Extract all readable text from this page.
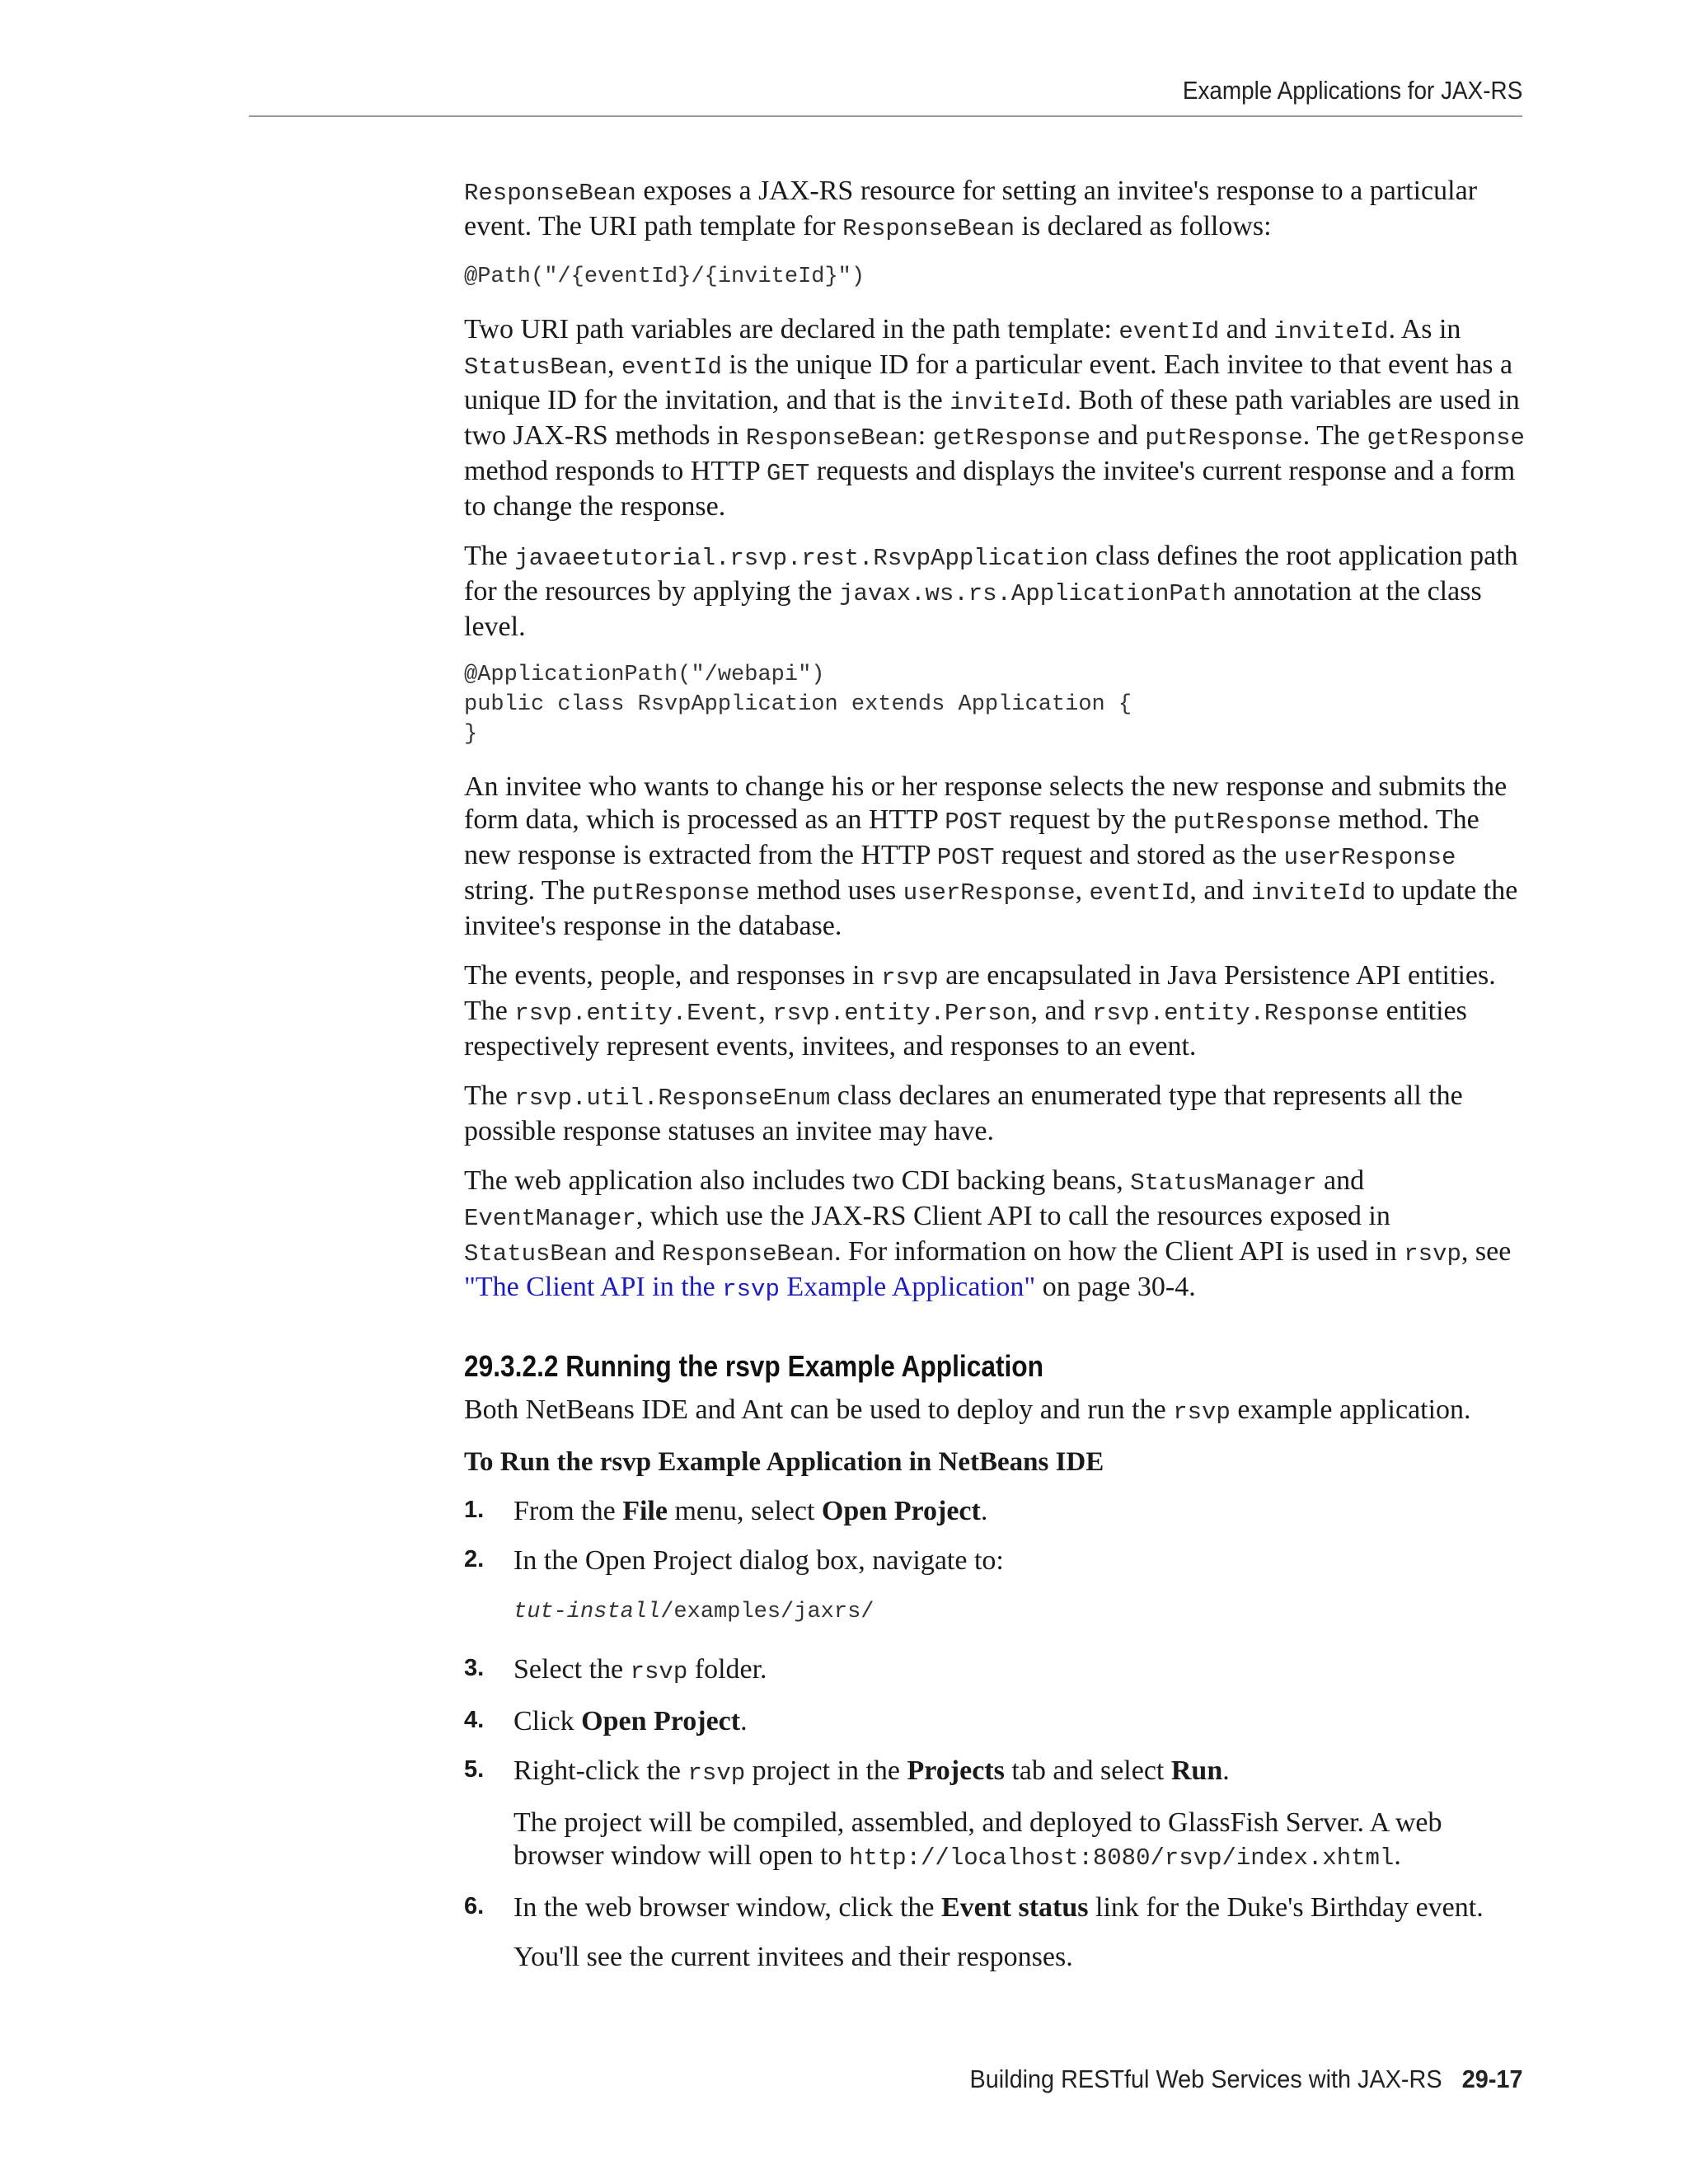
Example Applications for JAX-RS

ResponseBean exposes a JAX-RS resource for setting an invitee's response to a particular event. The URI path template for ResponseBean is declared as follows:

@Path("/{eventId}/{inviteId}")

Two URI path variables are declared in the path template: eventId and inviteId. As in StatusBean, eventId is the unique ID for a particular event. Each invitee to that event has a unique ID for the invitation, and that is the inviteId. Both of these path variables are used in two JAX-RS methods in ResponseBean: getResponse and putResponse. The getResponse method responds to HTTP GET requests and displays the invitee's current response and a form to change the response.

The javaeetutorial.rsvp.rest.RsvpApplication class defines the root application path for the resources by applying the javax.ws.rs.ApplicationPath annotation at the class level.

@ApplicationPath("/webapi")
public class RsvpApplication extends Application {
}

An invitee who wants to change his or her response selects the new response and submits the form data, which is processed as an HTTP POST request by the putResponse method. The new response is extracted from the HTTP POST request and stored as the userResponse string. The putResponse method uses userResponse, eventId, and inviteId to update the invitee's response in the database.

The events, people, and responses in rsvp are encapsulated in Java Persistence API entities. The rsvp.entity.Event, rsvp.entity.Person, and rsvp.entity.Response entities respectively represent events, invitees, and responses to an event.

The rsvp.util.ResponseEnum class declares an enumerated type that represents all the possible response statuses an invitee may have.

The web application also includes two CDI backing beans, StatusManager and EventManager, which use the JAX-RS Client API to call the resources exposed in StatusBean and ResponseBean. For information on how the Client API is used in rsvp, see "The Client API in the rsvp Example Application" on page 30-4.

29.3.2.2 Running the rsvp Example Application

Both NetBeans IDE and Ant can be used to deploy and run the rsvp example application.

To Run the rsvp Example Application in NetBeans IDE

1. From the File menu, select Open Project.
2. In the Open Project dialog box, navigate to:
tut-install/examples/jaxrs/
3. Select the rsvp folder.
4. Click Open Project.
5. Right-click the rsvp project in the Projects tab and select Run.
The project will be compiled, assembled, and deployed to GlassFish Server. A web browser window will open to http://localhost:8080/rsvp/index.xhtml.
6. In the web browser window, click the Event status link for the Duke's Birthday event.
You'll see the current invitees and their responses.
Building RESTful Web Services with JAX-RS 29-17
